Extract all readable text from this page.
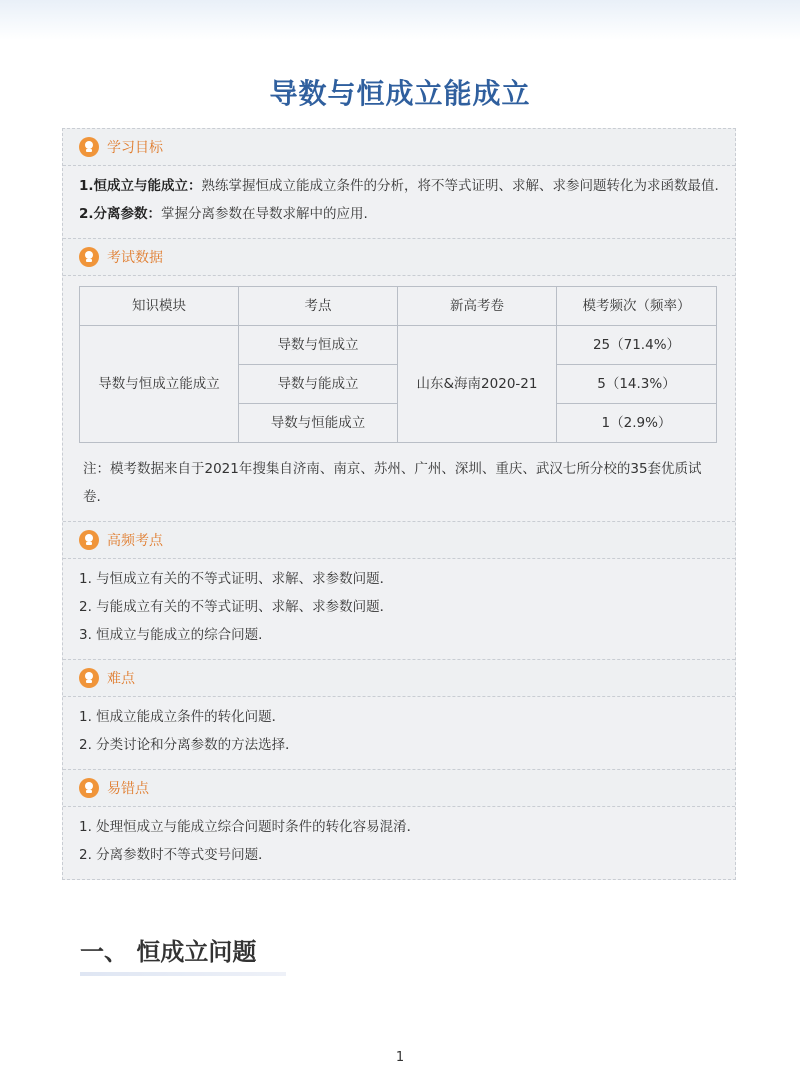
导数与恒成立能成立
学习目标
1.恒成立与能成立：熟练掌握恒成立能成立条件的分析，将不等式证明、求解、求参问题转化为求函数最值.
2.分离参数：掌握分离参数在导数求解中的应用.
考试数据
知识模块	考点	新高考卷	模考频次（频率）
导数与恒成立能成立	导数与恒成立	山东&海南2020-21	25（71.4%）
	导数与能成立		5（14.3%）
	导数与恒能成立		1（2.9%）
注：模考数据来自于2021年搜集自济南、南京、苏州、广州、深圳、重庆、武汉七所分校的35套优质试卷.
高频考点
1. 与恒成立有关的不等式证明、求解、求参数问题．
2. 与能成立有关的不等式证明、求解、求参数问题．
3. 恒成立与能成立的综合问题.
难点
1. 恒成立能成立条件的转化问题．
2. 分类讨论和分离参数的方法选择．
易错点
1. 处理恒成立与能成立综合问题时条件的转化容易混淆．
2. 分离参数时不等式变号问题．
一、 恒成立问题
1
